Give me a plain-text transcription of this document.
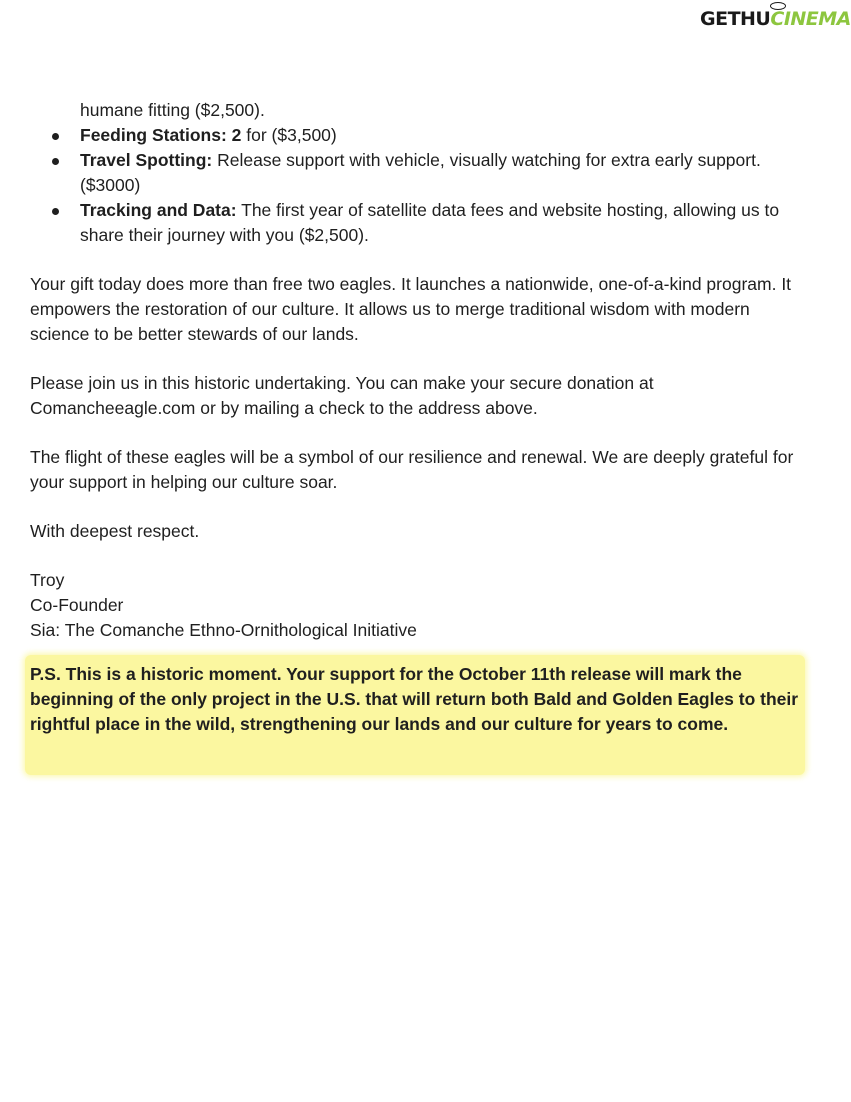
GETHU CINEMA
humane fitting ($2,500).
Feeding Stations: 2 for ($3,500)
Travel Spotting: Release support with vehicle, visually watching for extra early support. ($3000)
Tracking and Data: The first year of satellite data fees and website hosting, allowing us to share their journey with you ($2,500).

Your gift today does more than free two eagles. It launches a nationwide, one-of-a-kind program. It empowers the restoration of our culture. It allows us to merge traditional wisdom with modern science to be better stewards of our lands.

Please join us in this historic undertaking. You can make your secure donation at Comancheeagle.com or by mailing a check to the address above.

The flight of these eagles will be a symbol of our resilience and renewal. We are deeply grateful for your support in helping our culture soar.

With deepest respect.

Troy
Co-Founder
Sia: The Comanche Ethno-Ornithological Initiative
P.S. This is a historic moment. Your support for the October 11th release will mark the beginning of the only project in the U.S. that will return both Bald and Golden Eagles to their rightful place in the wild, strengthening our lands and our culture for years to come.
